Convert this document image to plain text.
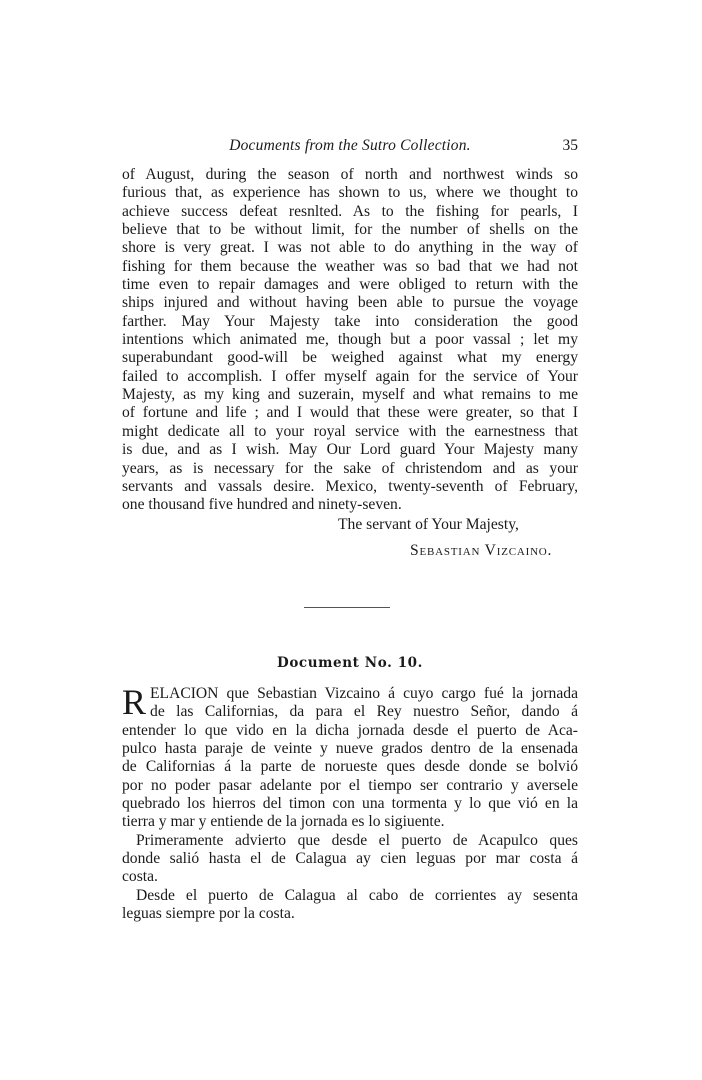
Documents from the Sutro Collection.	35
of August, during the season of north and northwest winds so
furious that, as experience has shown to us, where we thought to
achieve success defeat resnlted. As to the fishing for pearls, I
believe that to be without limit, for the number of shells on the
shore is very great. I was not able to do anything in the way of
fishing for them because the weather was so bad that we had not
time even to repair damages and were obliged to return with the
ships injured and without having been able to pursue the voyage
farther. May Your Majesty take into consideration the good
intentions which animated me, though but a poor vassal ; let my
superabundant good-will be weighed against what my energy
failed to accomplish. I offer myself again for the service of Your
Majesty, as my king and suzerain, myself and what remains to me
of fortune and life ; and I would that these were greater, so that I
might dedicate all to your royal service with the earnestness that
is due, and as I wish. May Our Lord guard Your Majesty many
years, as is necessary for the sake of christendom and as your
servants and vassals desire. Mexico, twenty-seventh of February,
one thousand five hundred and ninety-seven.
The servant of Your Majesty,
Sebastian Vizcaino.
Document No. 10.
R ELACION que Sebastian Vizcaino á cuyo cargo fué la jornada
de las Californias, da para el Rey nuestro Señor, dando á
entender lo que vido en la dicha jornada desde el puerto de Aca-
pulco hasta paraje de veinte y nueve grados dentro de la ensenada
de Californias á la parte de norueste ques desde donde se bolvió
por no poder pasar adelante por el tiempo ser contrario y aversele
quebrado los hierros del timon con una tormenta y lo que vió en la
tierra y mar y entiende de la jornada es lo sigiuente.
Primeramente advierto que desde el puerto de Acapulco ques
donde salió hasta el de Calagua ay cien leguas por mar costa á
costa.
Desde el puerto de Calagua al cabo de corrientes ay sesenta
leguas siempre por la costa.
